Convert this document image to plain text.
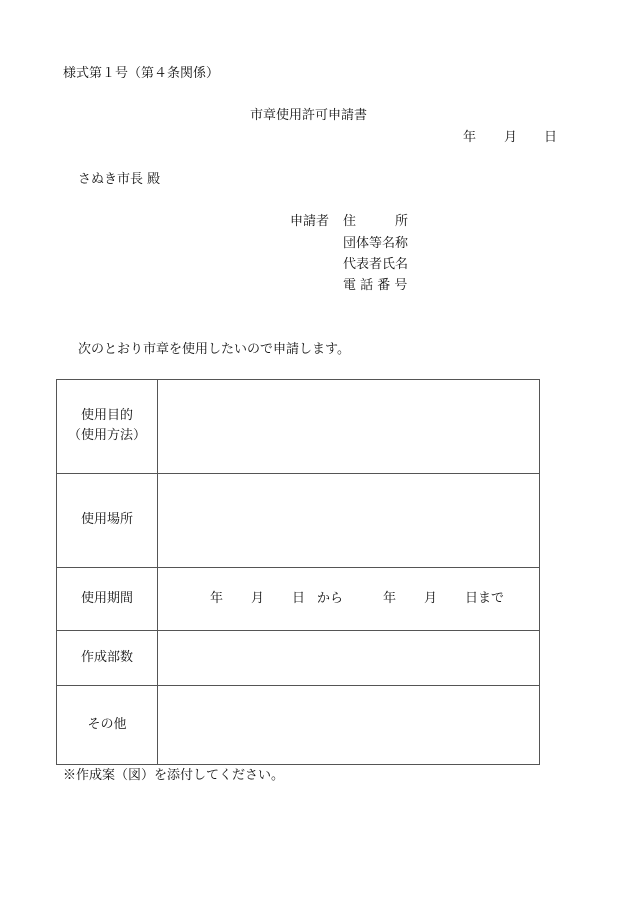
様式第１号（第４条関係）
市章使用許可申請書
年 月 日
さぬき市長 殿
申請者 住　　　所
団体等名称
代表者氏名
電 話 番 号
次のとおり市章を使用したいので申請します。
使用目的
（使用方法）
使用場所
使用期間
作成部数
その他
年 月 日 から	年 月 日まで
※作成案（図）を添付してください。
